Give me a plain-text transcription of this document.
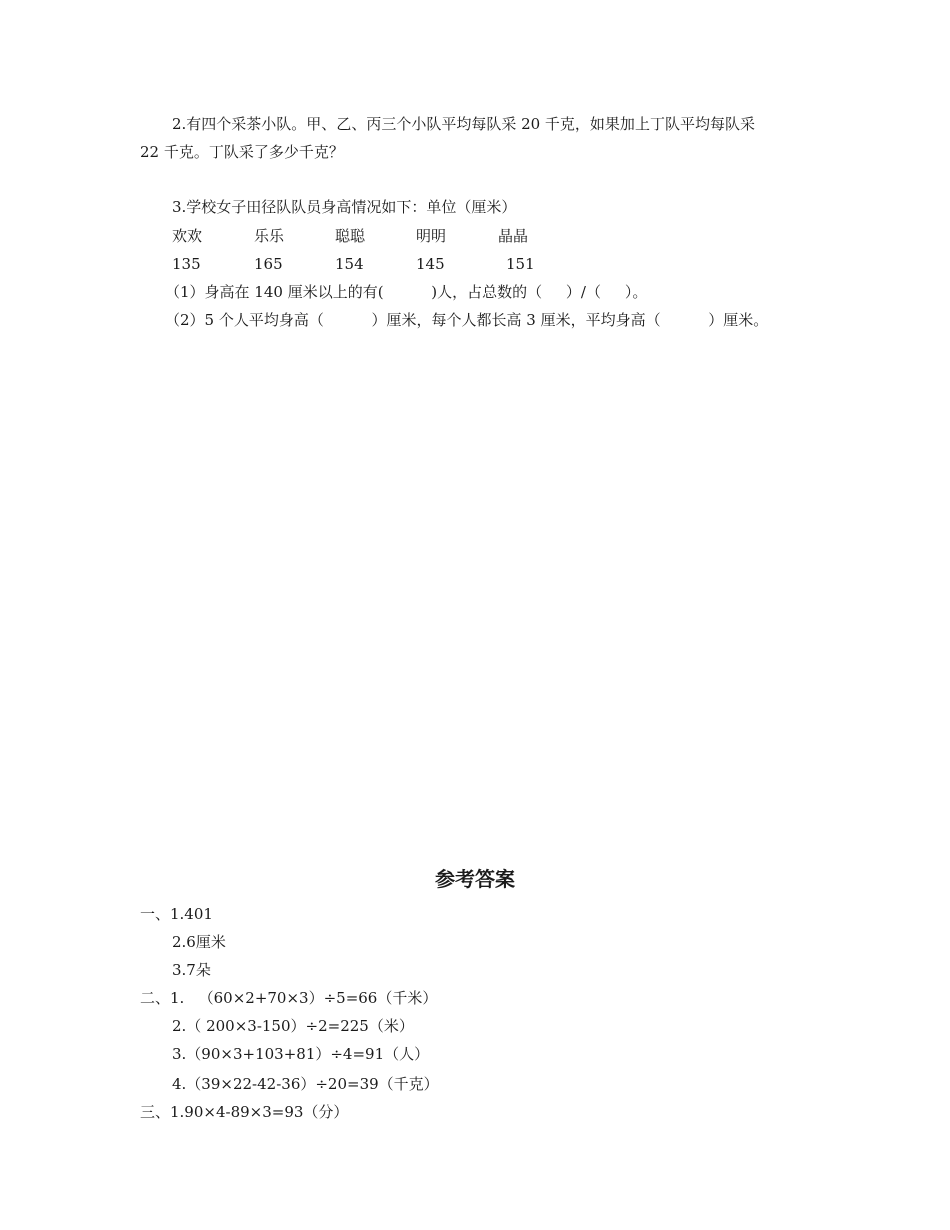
2.有四个采茶小队。甲、乙、丙三个小队平均每队采 20 千克，如果加上丁队平均每队采
22 千克。丁队采了多少千克？
3.学校女子田径队队员身高情况如下：单位（厘米）
欢欢	乐乐	聪聪	明明	晶晶
135	165	154	145	151
（1）身高在 140 厘米以上的有(          )人，占总数的（     ）/（     ）。
（2）5 个人平均身高（          ）厘米，每个人都长高 3 厘米，平均身高（          ）厘米。
参考答案
一、1.401
2.6厘米
3.7朵
二、1.   （60×2+70×3）÷5=66（千米）
2.（ 200×3-150）÷2=225（米）
3.（90×3+103+81）÷4=91（人）
4.（39×22-42-36）÷20=39（千克）
三、1.90×4-89×3=93（分）
